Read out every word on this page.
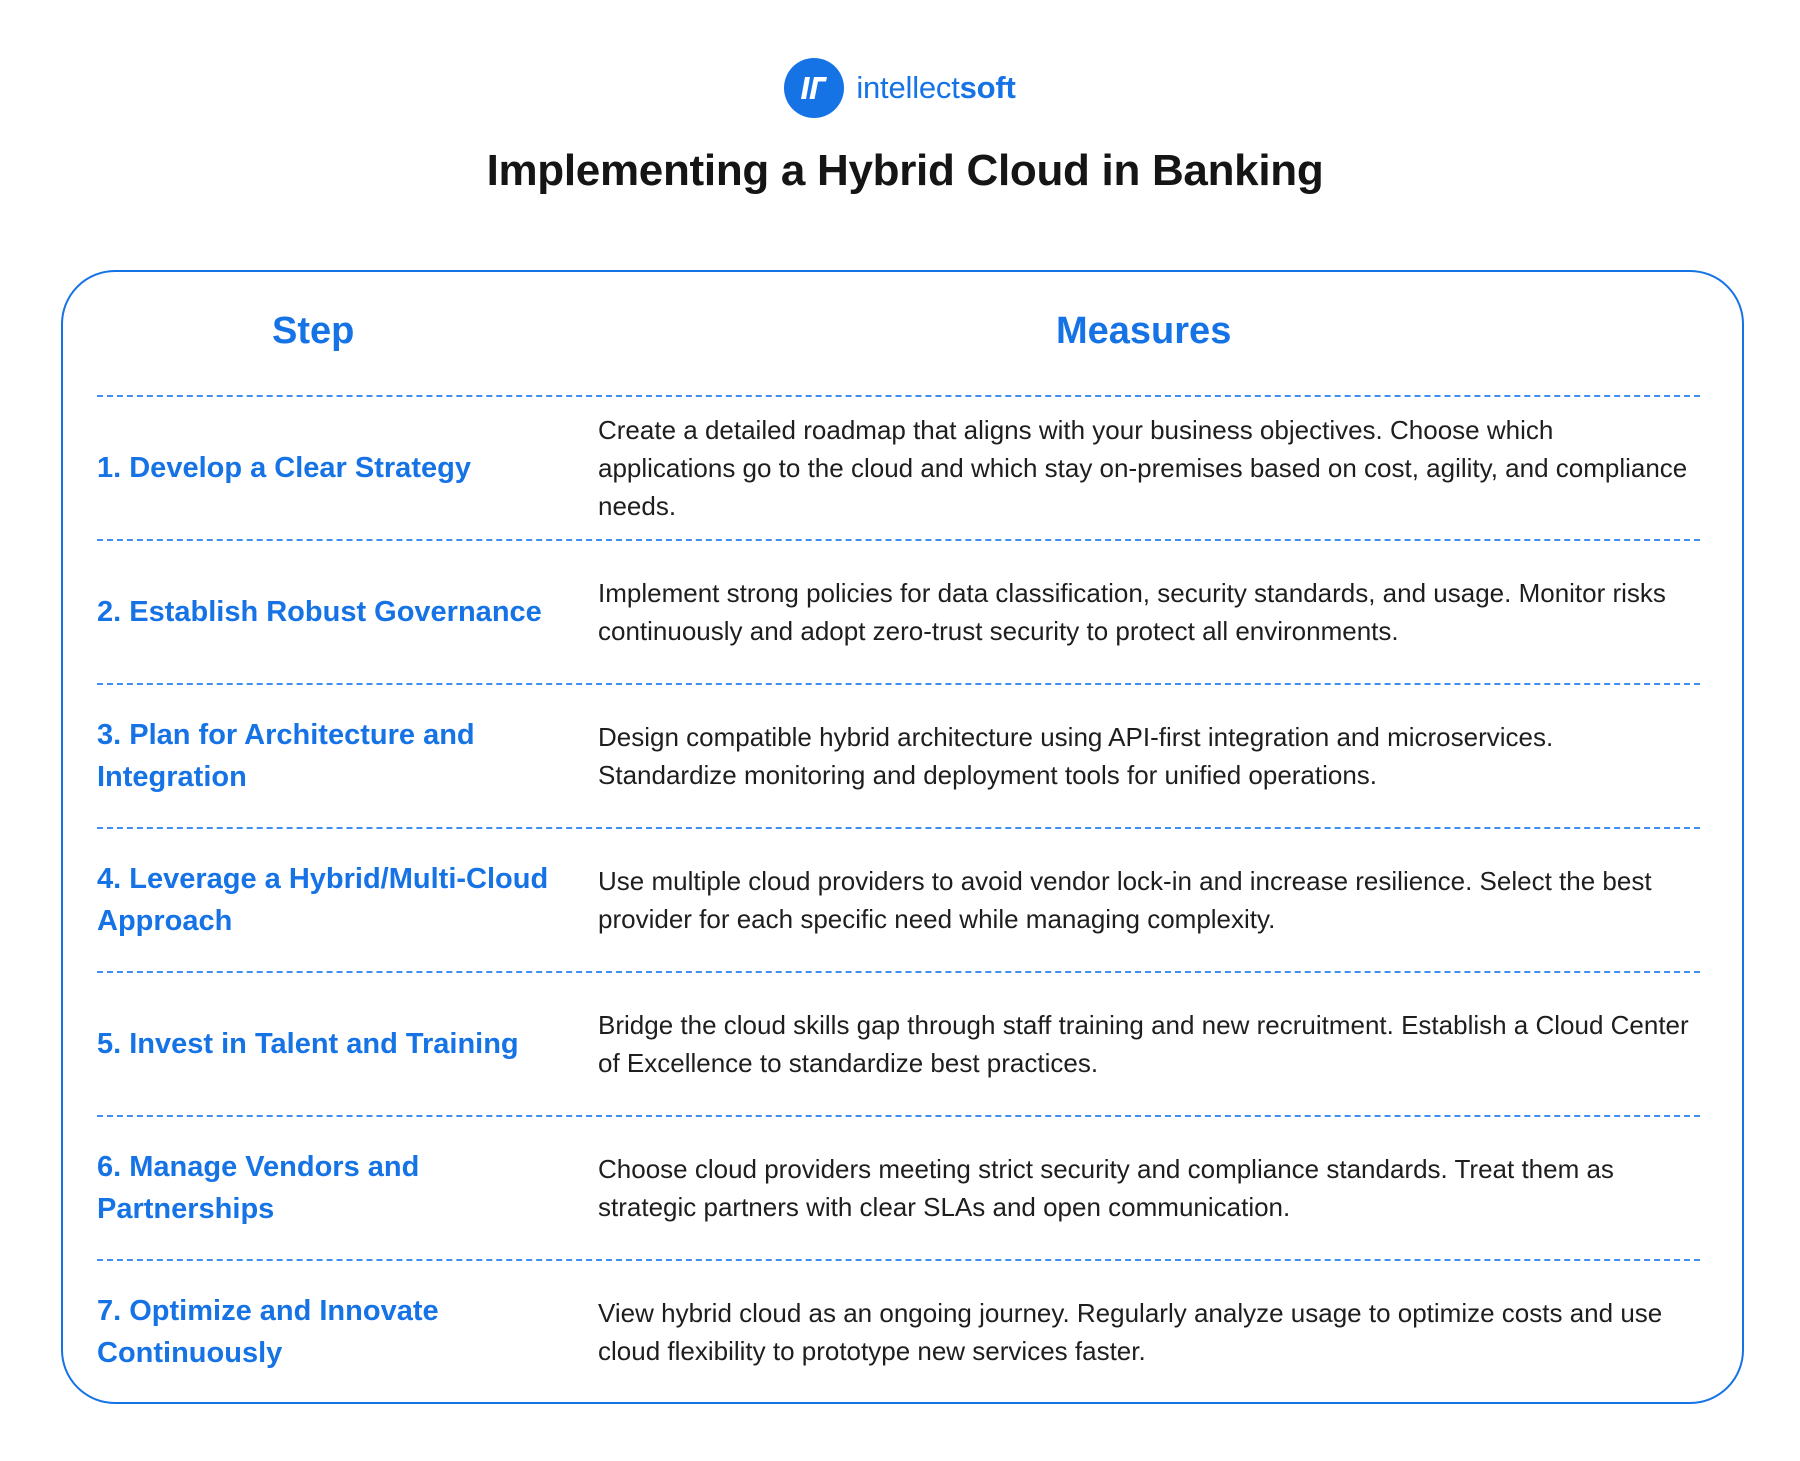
intellectsoft
Implementing a Hybrid Cloud in Banking
Step	Measures
1. Develop a Clear Strategy
Create a detailed roadmap that aligns with your business objectives. Choose which applications go to the cloud and which stay on-premises based on cost, agility, and compliance needs.
2. Establish Robust Governance
Implement strong policies for data classification, security standards, and usage. Monitor risks continuously and adopt zero-trust security to protect all environments.
3. Plan for Architecture and Integration
Design compatible hybrid architecture using API-first integration and microservices. Standardize monitoring and deployment tools for unified operations.
4. Leverage a Hybrid/Multi-Cloud Approach
Use multiple cloud providers to avoid vendor lock-in and increase resilience. Select the best provider for each specific need while managing complexity.
5. Invest in Talent and Training
Bridge the cloud skills gap through staff training and new recruitment. Establish a Cloud Center of Excellence to standardize best practices.
6. Manage Vendors and Partnerships
Choose cloud providers meeting strict security and compliance standards. Treat them as strategic partners with clear SLAs and open communication.
7. Optimize and Innovate Continuously
View hybrid cloud as an ongoing journey. Regularly analyze usage to optimize costs and use cloud flexibility to prototype new services faster.
